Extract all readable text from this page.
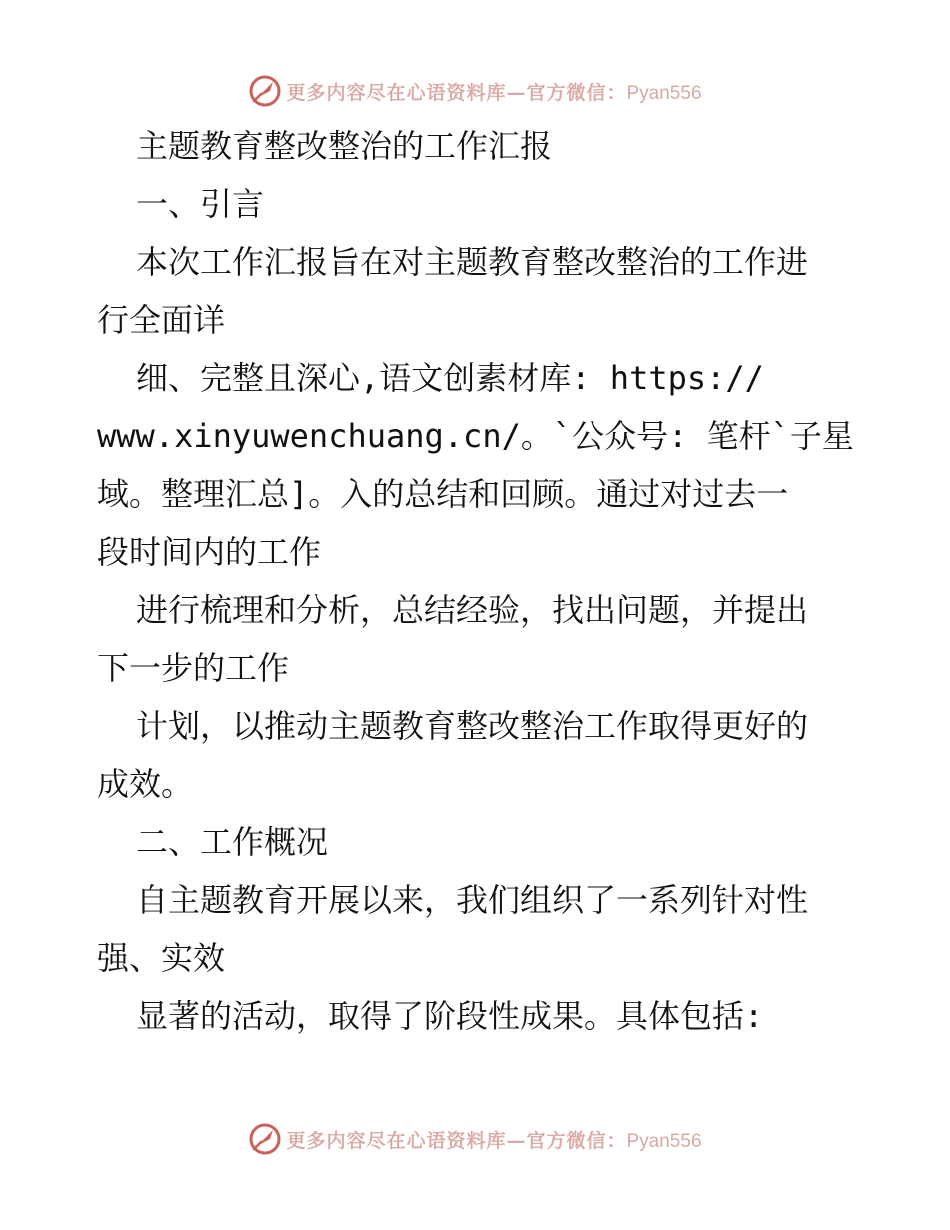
更多内容尽在心语资料库—官方微信：Pyan556
主题教育整改整治的工作汇报
一、引言
本次工作汇报旨在对主题教育整改整治的工作进
行全面详
细、完整且深心,语文创素材库: https://
www.xinyuwenchuang.cn/。`公众号: 笔杆`子星
域。整理汇总]。入的总结和回顾。通过对过去一
段时间内的工作
进行梳理和分析，总结经验，找出问题，并提出
下一步的工作
计划，以推动主题教育整改整治工作取得更好的
成效。
二、工作概况
自主题教育开展以来，我们组织了一系列针对性
强、实效
显著的活动，取得了阶段性成果。具体包括:
更多内容尽在心语资料库—官方微信：Pyan556
